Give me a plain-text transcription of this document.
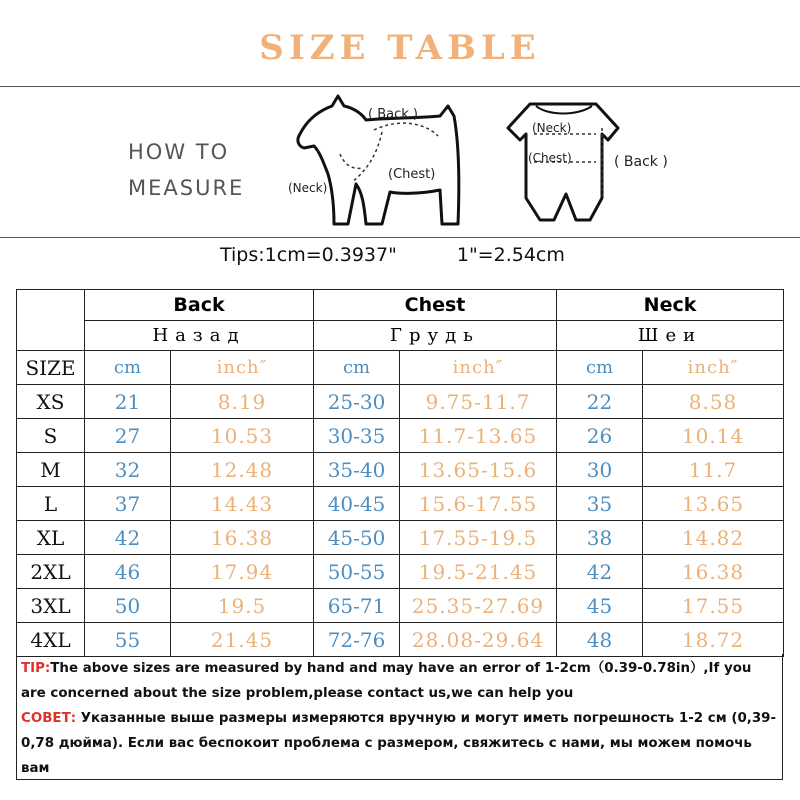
SIZE TABLE
HOW TO
MEASURE
( Back )
(Chest)
(Neck)
(Neck)
(Chest)	( Back )
Tips:1cm=0.3937"	1"=2.54cm
	Back		Chest		Neck	
	Назад		Грудь		Шеи	
SIZE	cm	inch″	cm	inch″	cm	inch″
XS	21	8.19	25-30	9.75-11.7	22	8.58
S	27	10.53	30-35	11.7-13.65	26	10.14
M	32	12.48	35-40	13.65-15.6	30	11.7
L	37	14.43	40-45	15.6-17.55	35	13.65
XL	42	16.38	45-50	17.55-19.5	38	14.82
2XL	46	17.94	50-55	19.5-21.45	42	16.38
3XL	50	19.5	65-71	25.35-27.69	45	17.55
4XL	55	21.45	72-76	28.08-29.64	48	18.72

TIP:The above sizes are measured by hand and may have an error of 1-2cm（0.39-0.78in）,If you are concerned about the size problem,please contact us,we can help you

СОВЕТ: Указанные выше размеры измеряются вручную и могут иметь погрешность 1-2 см (0,39-0,78 дюйма). Если вас беспокоит проблема с размером, свяжитесь с нами, мы можем помочь вам
